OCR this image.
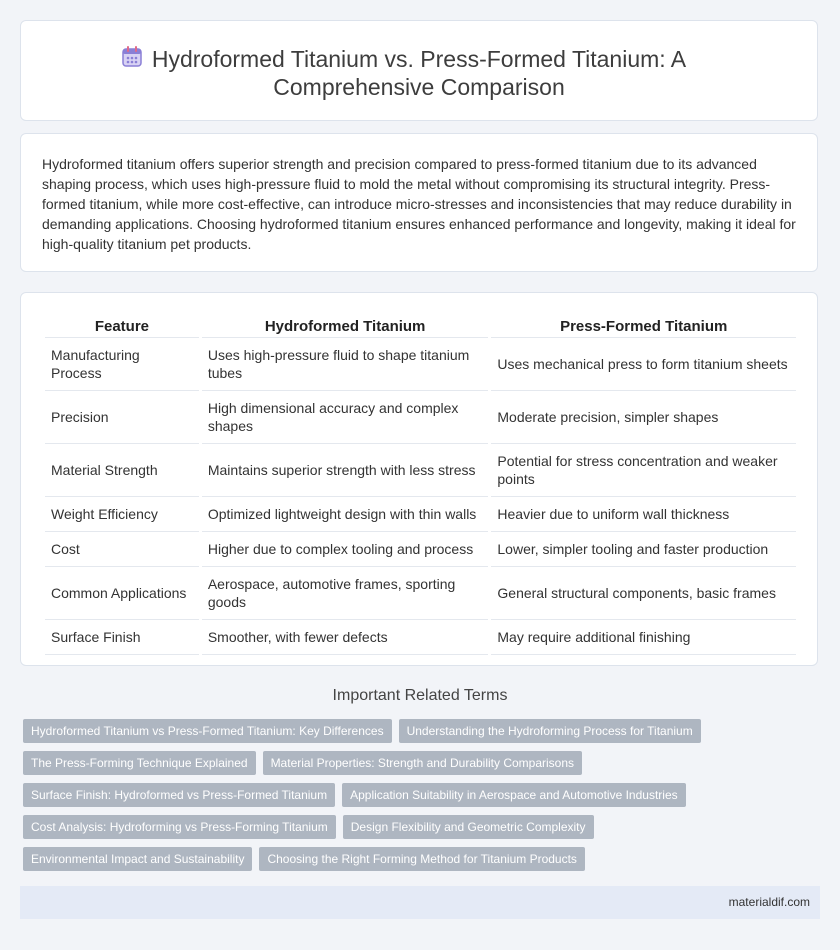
Hydroformed Titanium vs. Press-Formed Titanium: A Comprehensive Comparison

Hydroformed titanium offers superior strength and precision compared to press-formed titanium due to its advanced shaping process, which uses high-pressure fluid to mold the metal without compromising its structural integrity. Press-formed titanium, while more cost-effective, can introduce micro-stresses and inconsistencies that may reduce durability in demanding applications. Choosing hydroformed titanium ensures enhanced performance and longevity, making it ideal for high-quality titanium pet products.

Feature	Hydroformed Titanium	Press-Formed Titanium
Manufacturing Process	Uses high-pressure fluid to shape titanium tubes	Uses mechanical press to form titanium sheets
Precision	High dimensional accuracy and complex shapes	Moderate precision, simpler shapes
Material Strength	Maintains superior strength with less stress	Potential for stress concentration and weaker points
Weight Efficiency	Optimized lightweight design with thin walls	Heavier due to uniform wall thickness
Cost	Higher due to complex tooling and process	Lower, simpler tooling and faster production
Common Applications	Aerospace, automotive frames, sporting goods	General structural components, basic frames
Surface Finish	Smoother, with fewer defects	May require additional finishing
Important Related Terms
Hydroformed Titanium vs Press-Formed Titanium: Key Differences	Understanding the Hydroforming Process for Titanium
The Press-Forming Technique Explained	Material Properties: Strength and Durability Comparisons
Surface Finish: Hydroformed vs Press-Formed Titanium	Application Suitability in Aerospace and Automotive Industries
Cost Analysis: Hydroforming vs Press-Forming Titanium	Design Flexibility and Geometric Complexity
Environmental Impact and Sustainability	Choosing the Right Forming Method for Titanium Products
materialdif.com
